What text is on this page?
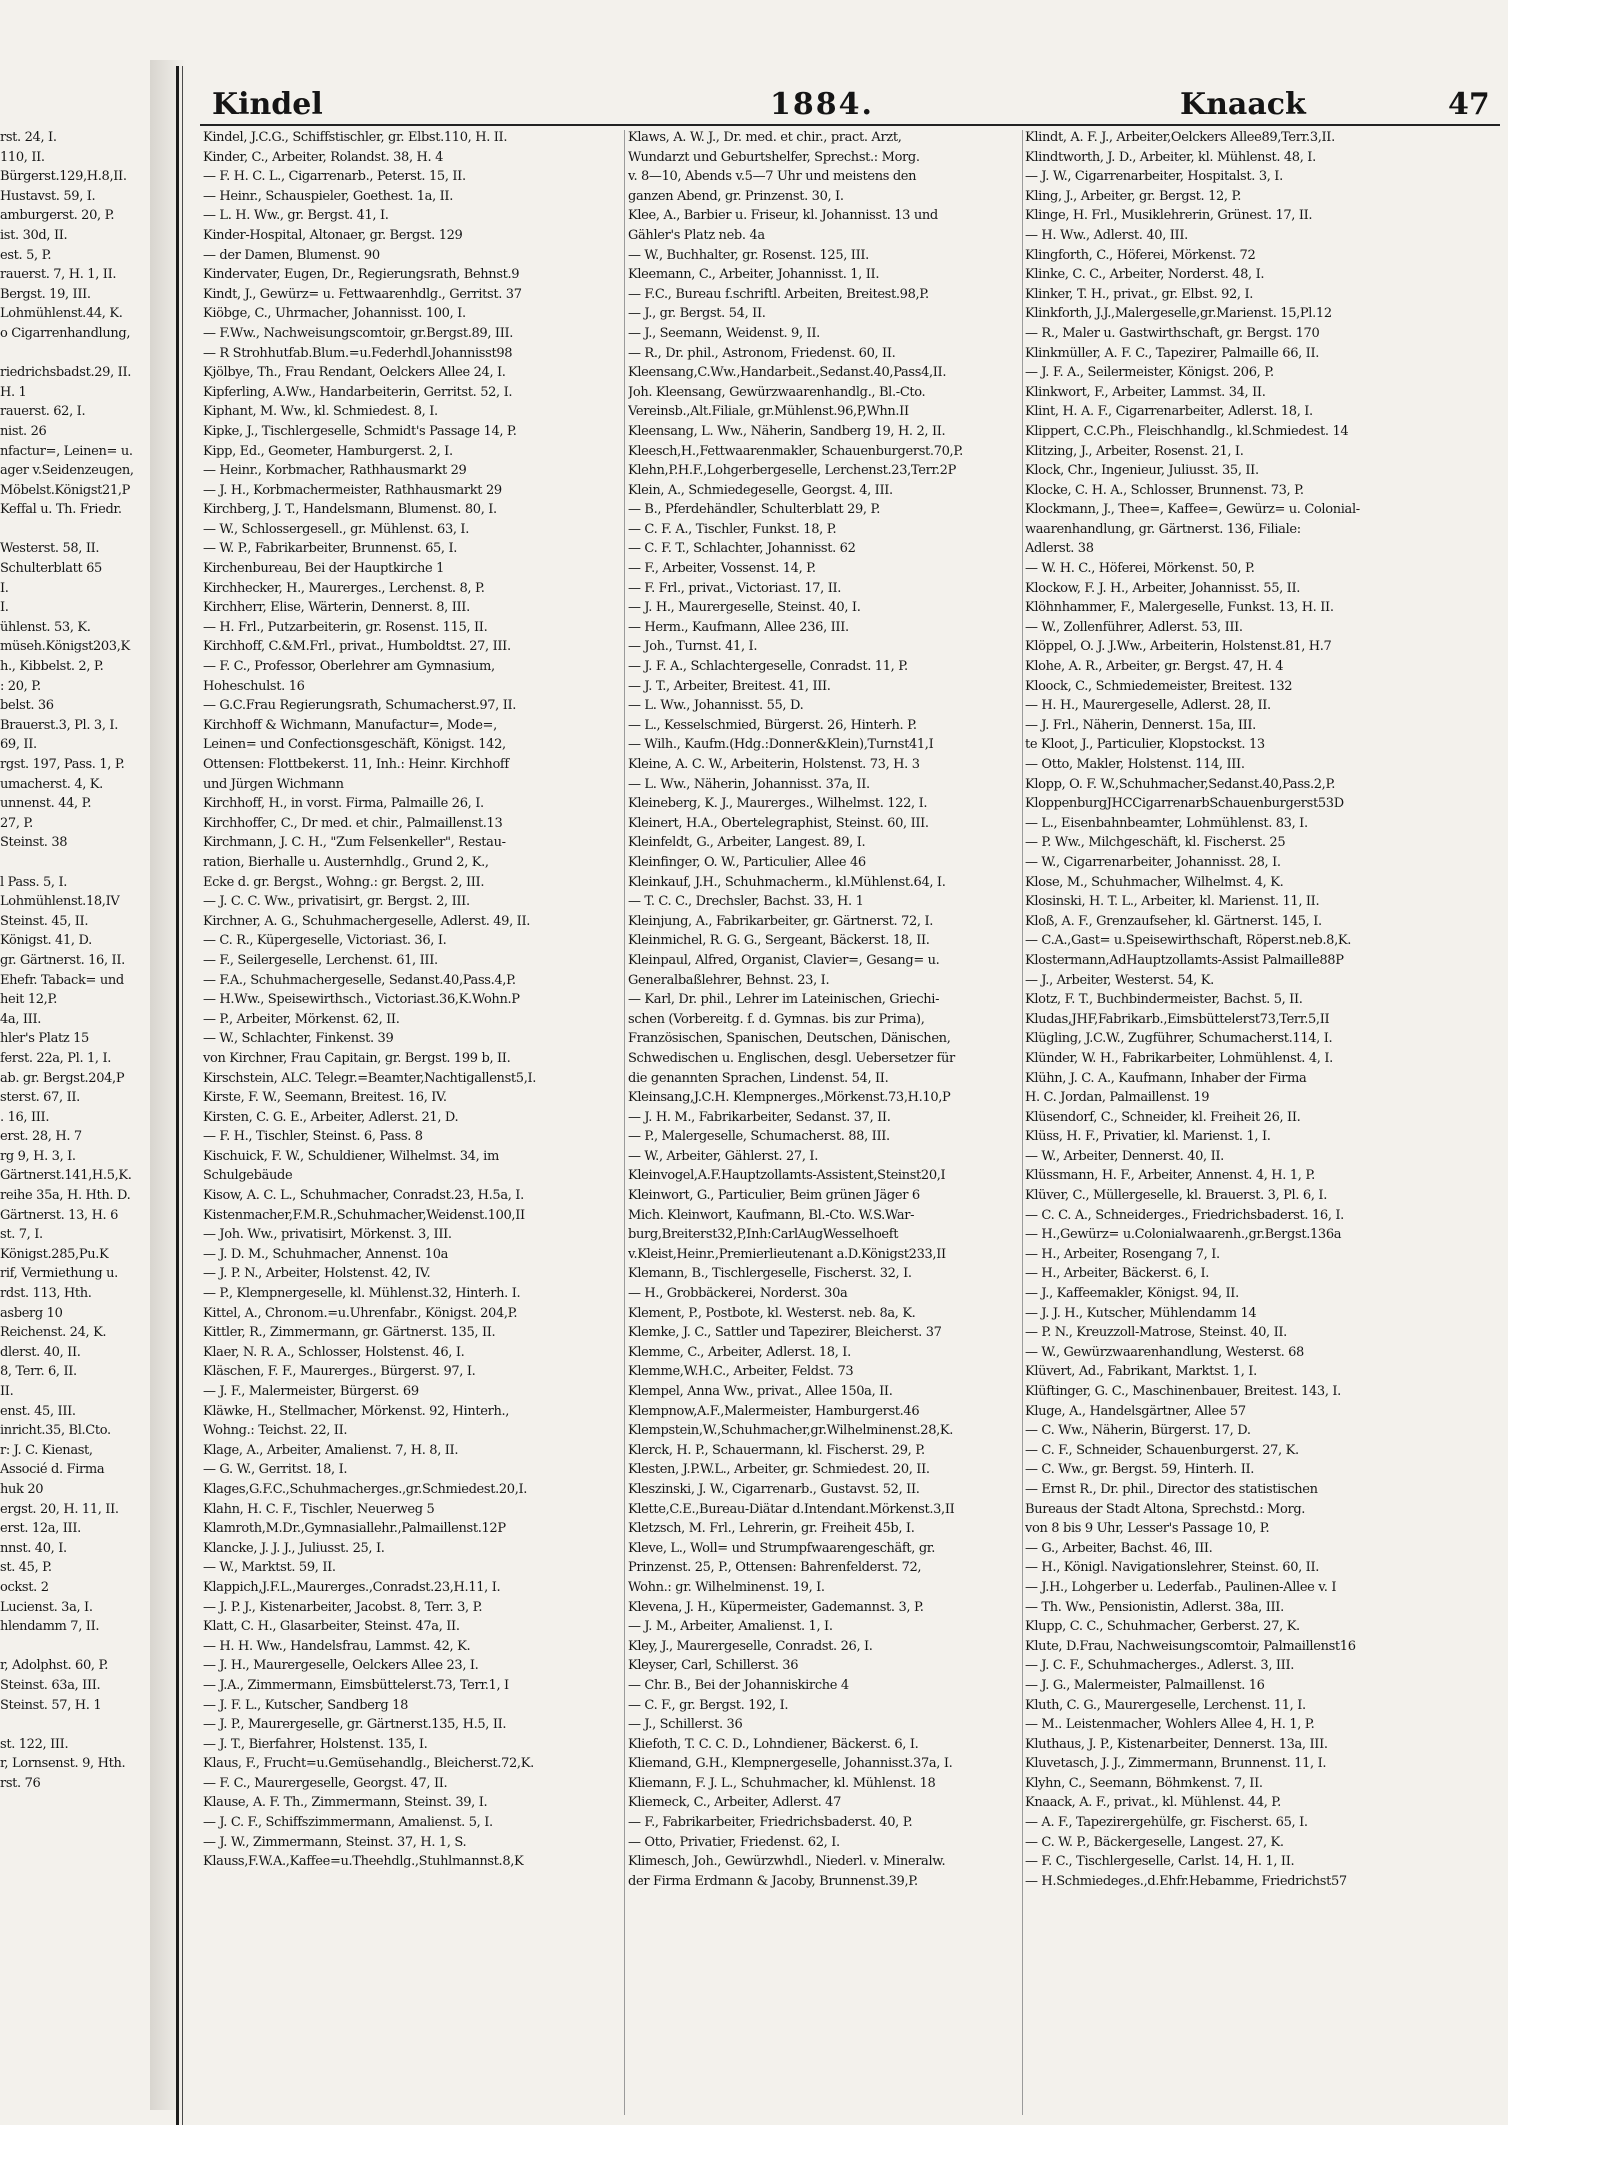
Kindel	1884.	Knaack	47
rst. 24, I.
110, II.
Bürgerst.129,H.8,II.
Hustavst. 59, I.
amburgerst. 20, P.
ist. 30d, II.
est. 5, P.
rauerst. 7, H. 1, II.
Bergst. 19, III.
Lohmühlenst.44, K.
o Cigarrenhandlung,
riedrichsbadst.29, II.
H. 1
rauerst. 62, I.
nist. 26
nfactur=, Leinen= u.
ager v.Seidenzeugen,
Möbelst.Königst21,P
Keffal u. Th. Friedr.
Westerst. 58, II.
Schulterblatt 65
I.
I.
ühlenst. 53, K.
müseh.Königst203,K
h., Kibbelst. 2, P.
: 20, P.
belst. 36
Brauerst.3, Pl. 3, I.
69, II.
rgst. 197, Pass. 1, P.
umacherst. 4, K.
unnenst. 44, P.
27, P.
Steinst. 38
l Pass. 5, I.
Lohmühlenst.18,IV
Steinst. 45, II.
Königst. 41, D.
gr. Gärtnerst. 16, II.
Ehefr. Taback= und
heit 12,P.
4a, III.
hler's Platz 15
ferst. 22a, Pl. 1, I.
ab. gr. Bergst.204,P
sterst. 67, II.
. 16, III.
erst. 28, H. 7
rg 9, H. 3, I.
Gärtnerst.141,H.5,K.
reihe 35a, H. Hth. D.
Gärtnerst. 13, H. 6
st. 7, I.
Königst.285,Pu.K
rif, Vermiethung u.
rdst. 113, Hth.
asberg 10
Reichenst. 24, K.
dlerst. 40, II.
8, Terr. 6, II.
II.
enst. 45, III.
inricht.35, Bl.Cto.
r: J. C. Kienast,
Associé d. Firma
huk 20
ergst. 20, H. 11, II.
erst. 12a, III.
nnst. 40, I.
st. 45, P.
ockst. 2
Lucienst. 3a, I.
hlendamm 7, II.
r, Adolphst. 60, P.
Steinst. 63a, III.
Steinst. 57, H. 1
st. 122, III.
r, Lornsenst. 9, Hth.
rst. 76
Kindel, J.C.G., Schiffstischler, gr. Elbst.110, H. II.
Kinder, C., Arbeiter, Rolandst. 38, H. 4
— F. H. C. L., Cigarrenarb., Peterst. 15, II.
— Heinr., Schauspieler, Goethest. 1a, II.
— L. H. Ww., gr. Bergst. 41, I.
Kinder-Hospital, Altonaer, gr. Bergst. 129
— der Damen, Blumenst. 90
Kindervater, Eugen, Dr., Regierungsrath, Behnst.9
Kindt, J., Gewürz= u. Fettwaarenhdlg., Gerritst. 37
Kiöbge, C., Uhrmacher, Johannisst. 100, I.
— F.Ww., Nachweisungscomtoir, gr.Bergst.89, III.
— R Strohhutfab.Blum.=u.Federhdl.Johannisst98
Kjölbye, Th., Frau Rendant, Oelckers Allee 24, I.
Kipferling, A.Ww., Handarbeiterin, Gerritst. 52, I.
Kiphant, M. Ww., kl. Schmiedest. 8, I.
Kipke, J., Tischlergeselle, Schmidt's Passage 14, P.
Kipp, Ed., Geometer, Hamburgerst. 2, I.
— Heinr., Korbmacher, Rathhausmarkt 29
— J. H., Korbmachermeister, Rathhausmarkt 29
Kirchberg, J. T., Handelsmann, Blumenst. 80, I.
— W., Schlossergesell., gr. Mühlenst. 63, I.
— W. P., Fabrikarbeiter, Brunnenst. 65, I.
Kirchenbureau, Bei der Hauptkirche 1
Kirchhecker, H., Maurerges., Lerchenst. 8, P.
Kirchherr, Elise, Wärterin, Dennerst. 8, III.
— H. Frl., Putzarbeiterin, gr. Rosenst. 115, II.
Kirchhoff, C.&M.Frl., privat., Humboldtst. 27, III.
— F. C., Professor, Oberlehrer am Gymnasium,
Hoheschulst. 16
— G.C.Frau Regierungsrath, Schumacherst.97, II.
Kirchhoff & Wichmann, Manufactur=, Mode=,
Leinen= und Confectionsgeschäft, Königst. 142,
Ottensen: Flottbekerst. 11, Inh.: Heinr. Kirchhoff
und Jürgen Wichmann
Kirchhoff, H., in vorst. Firma, Palmaille 26, I.
Kirchhoffer, C., Dr med. et chir., Palmaillenst.13
Kirchmann, J. C. H., "Zum Felsenkeller", Restau-
ration, Bierhalle u. Austernhdlg., Grund 2, K.,
Ecke d. gr. Bergst., Wohng.: gr. Bergst. 2, III.
— J. C. C. Ww., privatisirt, gr. Bergst. 2, III.
Kirchner, A. G., Schuhmachergeselle, Adlerst. 49, II.
— C. R., Küpergeselle, Victoriast. 36, I.
— F., Seilergeselle, Lerchenst. 61, III.
— F.A., Schuhmachergeselle, Sedanst.40,Pass.4,P.
— H.Ww., Speisewirthsch., Victoriast.36,K.Wohn.P
— P., Arbeiter, Mörkenst. 62, II.
— W., Schlachter, Finkenst. 39
von Kirchner, Frau Capitain, gr. Bergst. 199 b, II.
Kirschstein, ALC. Telegr.=Beamter,Nachtigallenst5,I.
Kirste, F. W., Seemann, Breitest. 16, IV.
Kirsten, C. G. E., Arbeiter, Adlerst. 21, D.
— F. H., Tischler, Steinst. 6, Pass. 8
Kischuick, F. W., Schuldiener, Wilhelmst. 34, im
Schulgebäude
Kisow, A. C. L., Schuhmacher, Conradst.23, H.5a, I.
Kistenmacher,F.M.R.,Schuhmacher,Weidenst.100,II
— Joh. Ww., privatisirt, Mörkenst. 3, III.
— J. D. M., Schuhmacher, Annenst. 10a
— J. P. N., Arbeiter, Holstenst. 42, IV.
— P., Klempnergeselle, kl. Mühlenst.32, Hinterh. I.
Kittel, A., Chronom.=u.Uhrenfabr., Königst. 204,P.
Kittler, R., Zimmermann, gr. Gärtnerst. 135, II.
Klaer, N. R. A., Schlosser, Holstenst. 46, I.
Kläschen, F. F., Maurerges., Bürgerst. 97, I.
— J. F., Malermeister, Bürgerst. 69
Kläwke, H., Stellmacher, Mörkenst. 92, Hinterh.,
Wohng.: Teichst. 22, II.
Klage, A., Arbeiter, Amalienst. 7, H. 8, II.
— G. W., Gerritst. 18, I.
Klages,G.F.C.,Schuhmacherges.,gr.Schmiedest.20,I.
Klahn, H. C. F., Tischler, Neuerweg 5
Klamroth,M.Dr.,Gymnasiallehr.,Palmaillenst.12P
Klancke, J. J. J., Juliusst. 25, I.
— W., Marktst. 59, II.
Klappich,J.F.L.,Maurerges.,Conradst.23,H.11, I.
— J. P. J., Kistenarbeiter, Jacobst. 8, Terr. 3, P.
Klatt, C. H., Glasarbeiter, Steinst. 47a, II.
— H. H. Ww., Handelsfrau, Lammst. 42, K.
— J. H., Maurergeselle, Oelckers Allee 23, I.
— J.A., Zimmermann, Eimsbüttelerst.73, Terr.1, I
— J. F. L., Kutscher, Sandberg 18
— J. P., Maurergeselle, gr. Gärtnerst.135, H.5, II.
— J. T., Bierfahrer, Holstenst. 135, I.
Klaus, F., Frucht=u.Gemüsehandlg., Bleicherst.72,K.
— F. C., Maurergeselle, Georgst. 47, II.
Klause, A. F. Th., Zimmermann, Steinst. 39, I.
— J. C. F., Schiffszimmermann, Amalienst. 5, I.
— J. W., Zimmermann, Steinst. 37, H. 1, S.
Klauss,F.W.A.,Kaffee=u.Theehdlg.,Stuhlmannst.8,K
Klaws, A. W. J., Dr. med. et chir., pract. Arzt,
Wundarzt und Geburtshelfer, Sprechst.: Morg.
v. 8—10, Abends v.5—7 Uhr und meistens den
ganzen Abend, gr. Prinzenst. 30, I.
Klee, A., Barbier u. Friseur, kl. Johannisst. 13 und
Gähler's Platz neb. 4a
— W., Buchhalter, gr. Rosenst. 125, III.
Kleemann, C., Arbeiter, Johannisst. 1, II.
— F.C., Bureau f.schriftl. Arbeiten, Breitest.98,P.
— J., gr. Bergst. 54, II.
— J., Seemann, Weidenst. 9, II.
— R., Dr. phil., Astronom, Friedenst. 60, II.
Kleensang,C.Ww.,Handarbeit.,Sedanst.40,Pass4,II.
Joh. Kleensang, Gewürzwaarenhandlg., Bl.-Cto.
Vereinsb.,Alt.Filiale, gr.Mühlenst.96,P,Whn.II
Kleensang, L. Ww., Näherin, Sandberg 19, H. 2, II.
Kleesch,H.,Fettwaarenmakler, Schauenburgerst.70,P.
Klehn,P.H.F.,Lohgerbergeselle, Lerchenst.23,Terr.2P
Klein, A., Schmiedegeselle, Georgst. 4, III.
— B., Pferdehändler, Schulterblatt 29, P.
— C. F. A., Tischler, Funkst. 18, P.
— C. F. T., Schlachter, Johannisst. 62
— F., Arbeiter, Vossenst. 14, P.
— F. Frl., privat., Victoriast. 17, II.
— J. H., Maurergeselle, Steinst. 40, I.
— Herm., Kaufmann, Allee 236, III.
— Joh., Turnst. 41, I.
— J. F. A., Schlachtergeselle, Conradst. 11, P.
— J. T., Arbeiter, Breitest. 41, III.
— L. Ww., Johannisst. 55, D.
— L., Kesselschmied, Bürgerst. 26, Hinterh. P.
— Wilh., Kaufm.(Hdg.:Donner&Klein),Turnst41,I
Kleine, A. C. W., Arbeiterin, Holstenst. 73, H. 3
— L. Ww., Näherin, Johannisst. 37a, II.
Kleineberg, K. J., Maurerges., Wilhelmst. 122, I.
Kleinert, H.A., Obertelegraphist, Steinst. 60, III.
Kleinfeldt, G., Arbeiter, Langest. 89, I.
Kleinfinger, O. W., Particulier, Allee 46
Kleinkauf, J.H., Schuhmacherm., kl.Mühlenst.64, I.
— T. C. C., Drechsler, Bachst. 33, H. 1
Kleinjung, A., Fabrikarbeiter, gr. Gärtnerst. 72, I.
Kleinmichel, R. G. G., Sergeant, Bäckerst. 18, II.
Kleinpaul, Alfred, Organist, Clavier=, Gesang= u.
Generalbaßlehrer, Behnst. 23, I.
— Karl, Dr. phil., Lehrer im Lateinischen, Griechi-
schen (Vorbereitg. f. d. Gymnas. bis zur Prima),
Französischen, Spanischen, Deutschen, Dänischen,
Schwedischen u. Englischen, desgl. Uebersetzer für
die genannten Sprachen, Lindenst. 54, II.
Kleinsang,J.C.H. Klempnerges.,Mörkenst.73,H.10,P
— J. H. M., Fabrikarbeiter, Sedanst. 37, II.
— P., Malergeselle, Schumacherst. 88, III.
— W., Arbeiter, Gählerst. 27, I.
Kleinvogel,A.F.Hauptzollamts-Assistent,Steinst20,I
Kleinwort, G., Particulier, Beim grünen Jäger 6
Mich. Kleinwort, Kaufmann, Bl.-Cto. W.S.War-
burg,Breiterst32,P,Inh:CarlAugWesselhoeft
v.Kleist,Heinr.,Premierlieutenant a.D.Königst233,II
Klemann, B., Tischlergeselle, Fischerst. 32, I.
— H., Grobbäckerei, Norderst. 30a
Klement, P., Postbote, kl. Westerst. neb. 8a, K.
Klemke, J. C., Sattler und Tapezirer, Bleicherst. 37
Klemme, C., Arbeiter, Adlerst. 18, I.
Klemme,W.H.C., Arbeiter, Feldst. 73
Klempel, Anna Ww., privat., Allee 150a, II.
Klempnow,A.F.,Malermeister, Hamburgerst.46
Klempstein,W.,Schuhmacher,gr.Wilhelminenst.28,K.
Klerck, H. P., Schauermann, kl. Fischerst. 29, P.
Klesten, J.P.W.L., Arbeiter, gr. Schmiedest. 20, II.
Kleszinski, J. W., Cigarrenarb., Gustavst. 52, II.
Klette,C.E.,Bureau-Diätar d.Intendant.Mörkenst.3,II
Kletzsch, M. Frl., Lehrerin, gr. Freiheit 45b, I.
Kleve, L., Woll= und Strumpfwaarengeschäft, gr.
Prinzenst. 25, P., Ottensen: Bahrenfelderst. 72,
Wohn.: gr. Wilhelminenst. 19, I.
Klevena, J. H., Küpermeister, Gademannst. 3, P.
— J. M., Arbeiter, Amalienst. 1, I.
Kley, J., Maurergeselle, Conradst. 26, I.
Kleyser, Carl, Schillerst. 36
— Chr. B., Bei der Johanniskirche 4
— C. F., gr. Bergst. 192, I.
— J., Schillerst. 36
Kliefoth, T. C. C. D., Lohndiener, Bäckerst. 6, I.
Kliemand, G.H., Klempnergeselle, Johannisst.37a, I.
Kliemann, F. J. L., Schuhmacher, kl. Mühlenst. 18
Kliemeck, C., Arbeiter, Adlerst. 47
— F., Fabrikarbeiter, Friedrichsbaderst. 40, P.
— Otto, Privatier, Friedenst. 62, I.
Klimesch, Joh., Gewürzwhdl., Niederl. v. Mineralw.
der Firma Erdmann & Jacoby, Brunnenst.39,P.
Klindt, A. F. J., Arbeiter,Oelckers Allee89,Terr.3,II.
Klindtworth, J. D., Arbeiter, kl. Mühlenst. 48, I.
— J. W., Cigarrenarbeiter, Hospitalst. 3, I.
Kling, J., Arbeiter, gr. Bergst. 12, P.
Klinge, H. Frl., Musiklehrerin, Grünest. 17, II.
— H. Ww., Adlerst. 40, III.
Klingforth, C., Höferei, Mörkenst. 72
Klinke, C. C., Arbeiter, Norderst. 48, I.
Klinker, T. H., privat., gr. Elbst. 92, I.
Klinkforth, J.J.,Malergeselle,gr.Marienst. 15,Pl.12
— R., Maler u. Gastwirthschaft, gr. Bergst. 170
Klinkmüller, A. F. C., Tapezirer, Palmaille 66, II.
— J. F. A., Seilermeister, Königst. 206, P.
Klinkwort, F., Arbeiter, Lammst. 34, II.
Klint, H. A. F., Cigarrenarbeiter, Adlerst. 18, I.
Klippert, C.C.Ph., Fleischhandlg., kl.Schmiedest. 14
Klitzing, J., Arbeiter, Rosenst. 21, I.
Klock, Chr., Ingenieur, Juliusst. 35, II.
Klocke, C. H. A., Schlosser, Brunnenst. 73, P.
Klockmann, J., Thee=, Kaffee=, Gewürz= u. Colonial-
waarenhandlung, gr. Gärtnerst. 136, Filiale:
Adlerst. 38
— W. H. C., Höferei, Mörkenst. 50, P.
Klockow, F. J. H., Arbeiter, Johannisst. 55, II.
Klöhnhammer, F., Malergeselle, Funkst. 13, H. II.
— W., Zollenführer, Adlerst. 53, III.
Klöppel, O. J. J.Ww., Arbeiterin, Holstenst.81, H.7
Klohe, A. R., Arbeiter, gr. Bergst. 47, H. 4
Kloock, C., Schmiedemeister, Breitest. 132
— H. H., Maurergeselle, Adlerst. 28, II.
— J. Frl., Näherin, Dennerst. 15a, III.
te Kloot, J., Particulier, Klopstockst. 13
— Otto, Makler, Holstenst. 114, III.
Klopp, O. F. W.,Schuhmacher,Sedanst.40,Pass.2,P.
KloppenburgJHCCigarrenarbSchauenburgerst53D
— L., Eisenbahnbeamter, Lohmühlenst. 83, I.
— P. Ww., Milchgeschäft, kl. Fischerst. 25
— W., Cigarrenarbeiter, Johannisst. 28, I.
Klose, M., Schuhmacher, Wilhelmst. 4, K.
Klosinski, H. T. L., Arbeiter, kl. Marienst. 11, II.
Kloß, A. F., Grenzaufseher, kl. Gärtnerst. 145, I.
— C.A.,Gast= u.Speisewirthschaft, Röperst.neb.8,K.
Klostermann,AdHauptzollamts-Assist Palmaille88P
— J., Arbeiter, Westerst. 54, K.
Klotz, F. T., Buchbindermeister, Bachst. 5, II.
Kludas,JHF,Fabrikarb.,Eimsbüttelerst73,Terr.5,II
Klügling, J.C.W., Zugführer, Schumacherst.114, I.
Klünder, W. H., Fabrikarbeiter, Lohmühlenst. 4, I.
Klühn, J. C. A., Kaufmann, Inhaber der Firma
H. C. Jordan, Palmaillenst. 19
Klüsendorf, C., Schneider, kl. Freiheit 26, II.
Klüss, H. F., Privatier, kl. Marienst. 1, I.
— W., Arbeiter, Dennerst. 40, II.
Klüssmann, H. F., Arbeiter, Annenst. 4, H. 1, P.
Klüver, C., Müllergeselle, kl. Brauerst. 3, Pl. 6, I.
— C. C. A., Schneiderges., Friedrichsbaderst. 16, I.
— H.,Gewürz= u.Colonialwaarenh.,gr.Bergst.136a
— H., Arbeiter, Rosengang 7, I.
— H., Arbeiter, Bäckerst. 6, I.
— J., Kaffeemakler, Königst. 94, II.
— J. J. H., Kutscher, Mühlendamm 14
— P. N., Kreuzzoll-Matrose, Steinst. 40, II.
— W., Gewürzwaarenhandlung, Westerst. 68
Klüvert, Ad., Fabrikant, Marktst. 1, I.
Klüftinger, G. C., Maschinenbauer, Breitest. 143, I.
Kluge, A., Handelsgärtner, Allee 57
— C. Ww., Näherin, Bürgerst. 17, D.
— C. F., Schneider, Schauenburgerst. 27, K.
— C. Ww., gr. Bergst. 59, Hinterh. II.
— Ernst R., Dr. phil., Director des statistischen
Bureaus der Stadt Altona, Sprechstd.: Morg.
von 8 bis 9 Uhr, Lesser's Passage 10, P.
— G., Arbeiter, Bachst. 46, III.
— H., Königl. Navigationslehrer, Steinst. 60, II.
— J.H., Lohgerber u. Lederfab., Paulinen-Allee v. I
— Th. Ww., Pensionistin, Adlerst. 38a, III.
Klupp, C. C., Schuhmacher, Gerberst. 27, K.
Klute, D.Frau, Nachweisungscomtoir, Palmaillenst16
— J. C. F., Schuhmacherges., Adlerst. 3, III.
— J. G., Malermeister, Palmaillenst. 16
Kluth, C. G., Maurergeselle, Lerchenst. 11, I.
— M.. Leistenmacher, Wohlers Allee 4, H. 1, P.
Kluthaus, J. P., Kistenarbeiter, Dennerst. 13a, III.
Kluvetasch, J. J., Zimmermann, Brunnenst. 11, I.
Klyhn, C., Seemann, Böhmkenst. 7, II.
Knaack, A. F., privat., kl. Mühlenst. 44, P.
— A. F., Tapezirergehülfe, gr. Fischerst. 65, I.
— C. W. P., Bäckergeselle, Langest. 27, K.
— F. C., Tischlergeselle, Carlst. 14, H. 1, II.
— H.Schmiedeges.,d.Ehfr.Hebamme, Friedrichst57
